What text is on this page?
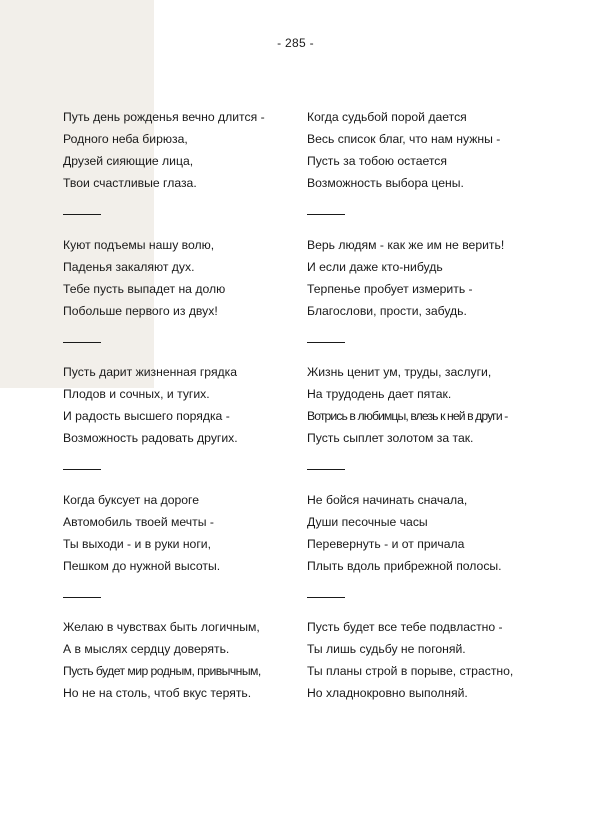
- 285 -
Путь день рожденья вечно длится -
Родного неба бирюза,
Друзей сияющие лица,
Твои счастливые глаза.
Куют подъемы нашу волю,
Паденья закаляют дух.
Тебе пусть выпадет на долю
Побольше первого из двух!
Пусть дарит жизненная грядка
Плодов и сочных, и тугих.
И радость высшего порядка -
Возможность радовать других.
Когда буксует на дороге
Автомобиль твоей мечты -
Ты выходи - и в руки ноги,
Пешком до нужной высоты.
Желаю в чувствах быть логичным,
А в мыслях сердцу доверять.
Пусть будет мир родным, привычным,
Но не на столь, чтоб вкус терять.
Когда судьбой порой дается
Весь список благ, что нам нужны -
Пусть за тобою остается
Возможность выбора цены.
Верь людям - как же им не верить!
И если даже кто-нибудь
Терпенье пробует измерить -
Благослови, прости, забудь.
Жизнь ценит ум, труды, заслуги,
На трудодень дает пятак.
Вотрись в любимцы, влезь к ней в други -
Пусть сыплет золотом за так.
Не бойся начинать сначала,
Души песочные часы
Перевернуть - и от причала
Плыть вдоль прибрежной полосы.
Пусть будет все тебе подвластно -
Ты лишь судьбу не погоняй.
Ты планы строй в порыве, страстно,
Но хладнокровно выполняй.
